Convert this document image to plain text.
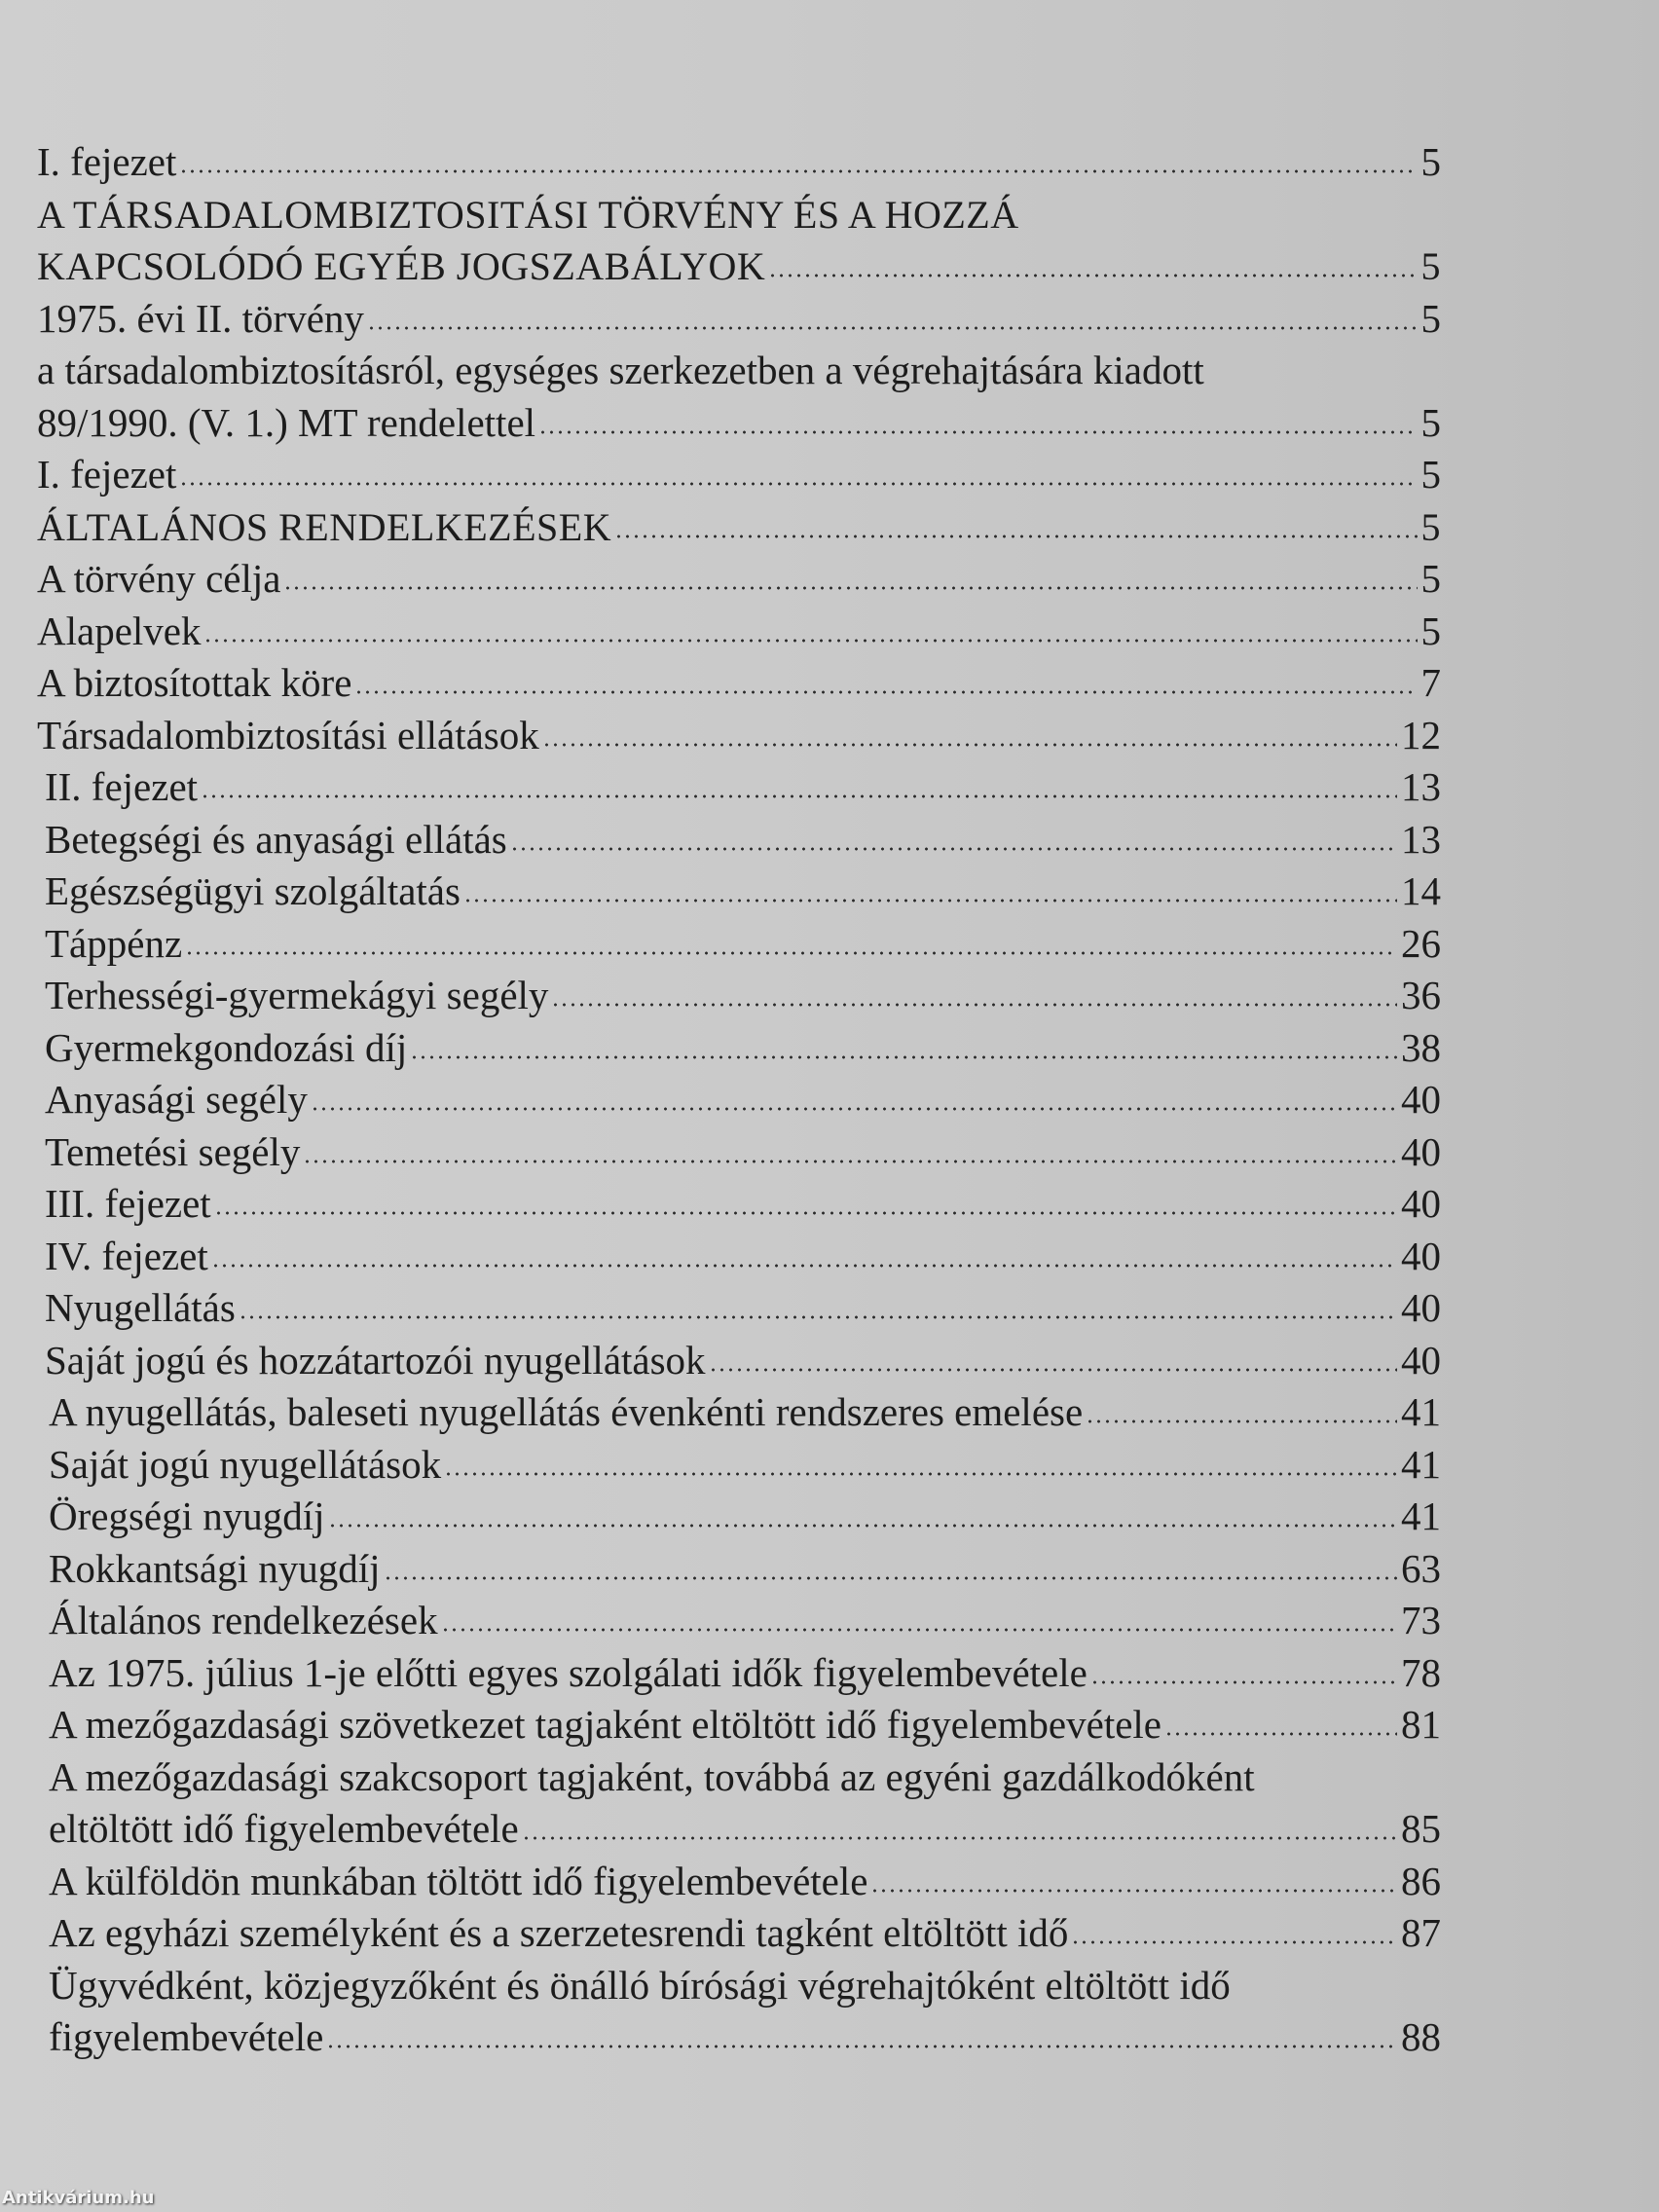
I. fejezet	5
A TÁRSADALOMBIZTOSITÁSI TÖRVÉNY ÉS A HOZZÁ
KAPCSOLÓDÓ EGYÉB JOGSZABÁLYOK	5
1975. évi II. törvény	5
a társadalombiztosításról, egységes szerkezetben a végrehajtására kiadott
89/1990. (V. 1.) MT rendelettel	5
I. fejezet	5
ÁLTALÁNOS RENDELKEZÉSEK	5
A törvény célja	5
Alapelvek	5
A biztosítottak köre	7
Társadalombiztosítási ellátások	12
II. fejezet	13
Betegségi és anyasági ellátás	13
Egészségügyi szolgáltatás	14
Táppénz	26
Terhességi-gyermekágyi segély	36
Gyermekgondozási díj	38
Anyasági segély	40
Temetési segély	40
III. fejezet	40
IV. fejezet	40
Nyugellátás	40
Saját jogú és hozzátartozói nyugellátások	40
A nyugellátás, baleseti nyugellátás évenkénti rendszeres emelése	41
Saját jogú nyugellátások	41
Öregségi nyugdíj	41
Rokkantsági nyugdíj	63
Általános rendelkezések	73
Az 1975. július 1-je előtti egyes szolgálati idők figyelembevétele	78
A mezőgazdasági szövetkezet tagjaként eltöltött idő figyelembevétele	81
A mezőgazdasági szakcsoport tagjaként, továbbá az egyéni gazdálkodóként
eltöltött idő figyelembevétele	85
A külföldön munkában töltött idő figyelembevétele	86
Az egyházi személyként és a szerzetesrendi tagként eltöltött idő	87
Ügyvédként, közjegyzőként és önálló bírósági végrehajtóként eltöltött idő
figyelembevétele	88
Antikvárium.hu
